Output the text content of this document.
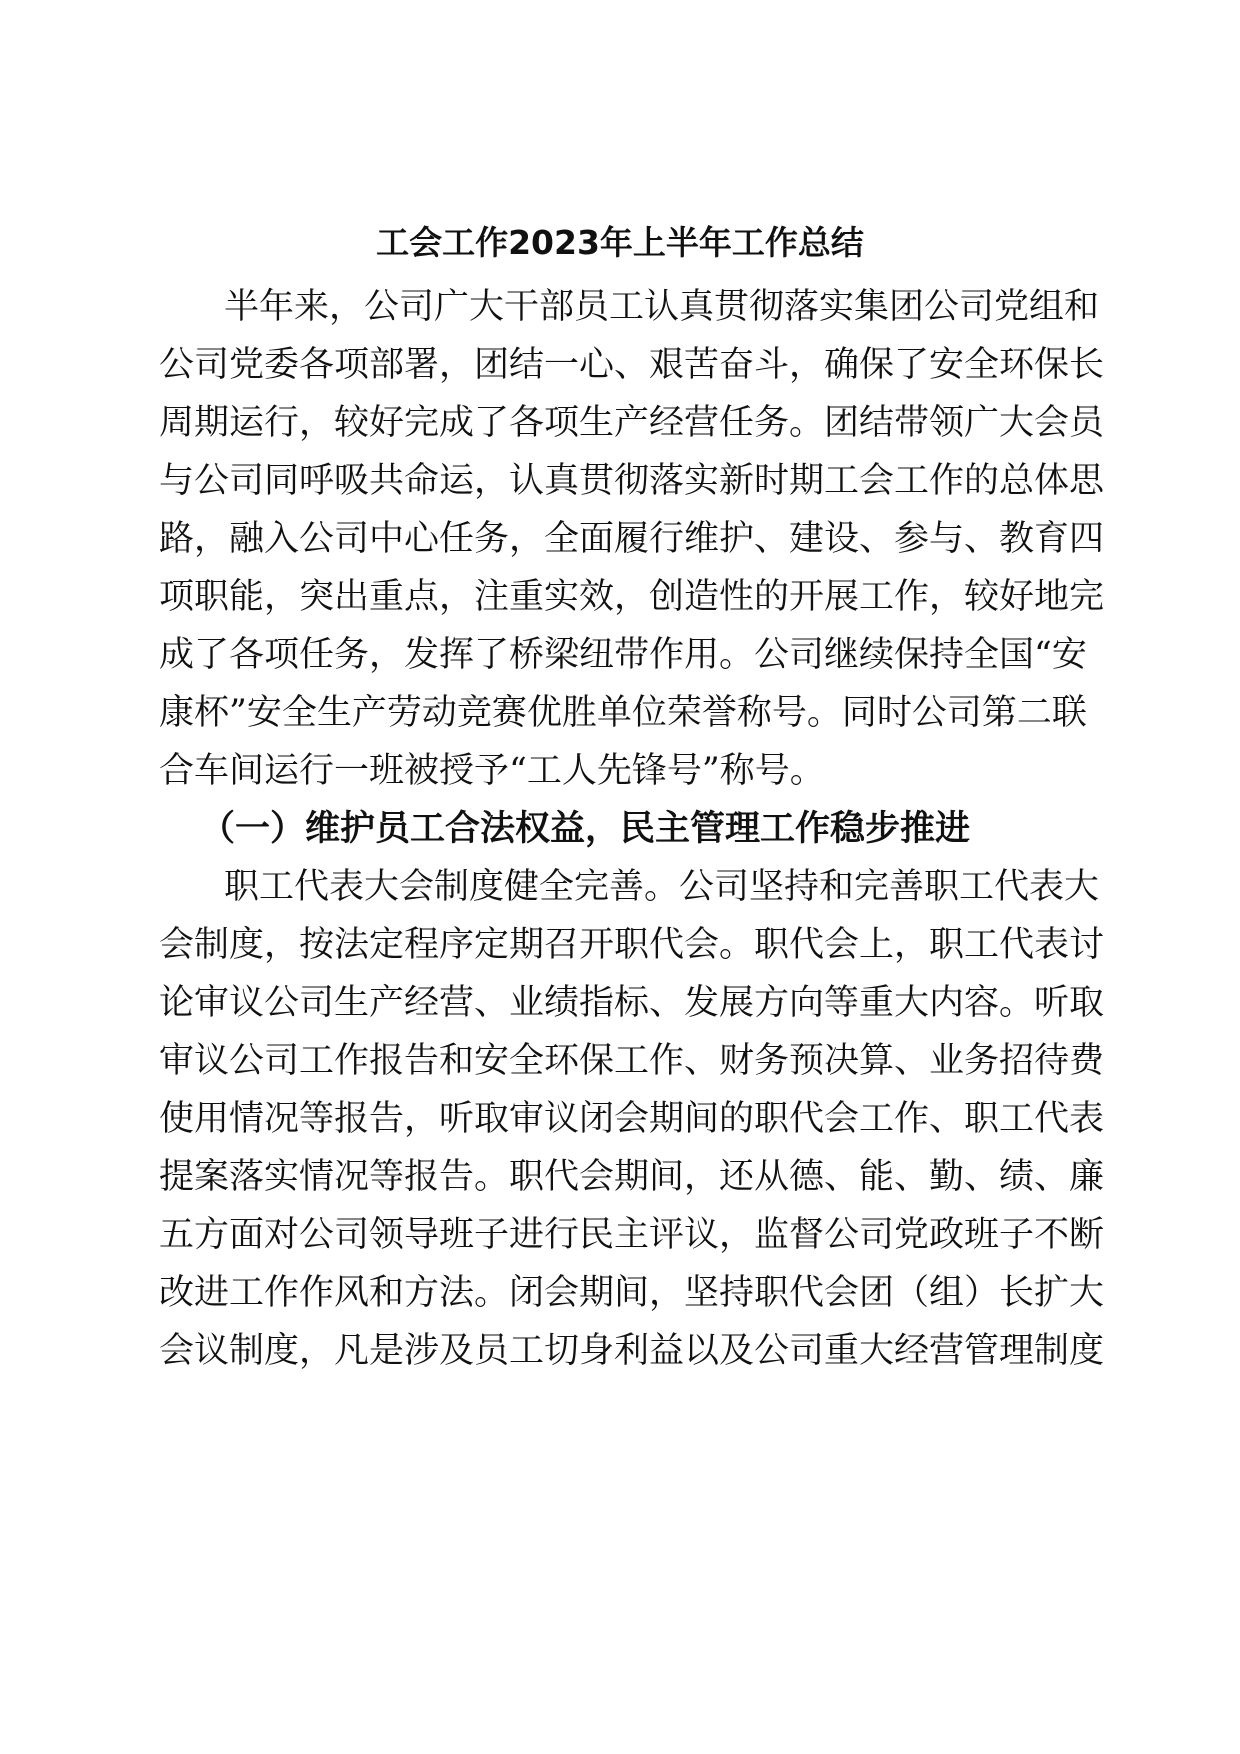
工会工作2023年上半年工作总结
半年来，公司广大干部员工认真贯彻落实集团公司党组和
公司党委各项部署，团结一心、艰苦奋斗，确保了安全环保长
周期运行，较好完成了各项生产经营任务。团结带领广大会员
与公司同呼吸共命运，认真贯彻落实新时期工会工作的总体思
路，融入公司中心任务，全面履行维护、建设、参与、教育四
项职能，突出重点，注重实效，创造性的开展工作，较好地完
成了各项任务，发挥了桥梁纽带作用。公司继续保持全国“安
康杯”安全生产劳动竞赛优胜单位荣誉称号。同时公司第二联
合车间运行一班被授予“工人先锋号”称号。
（一）维护员工合法权益，民主管理工作稳步推进
职工代表大会制度健全完善。公司坚持和完善职工代表大
会制度，按法定程序定期召开职代会。职代会上，职工代表讨
论审议公司生产经营、业绩指标、发展方向等重大内容。听取
审议公司工作报告和安全环保工作、财务预决算、业务招待费
使用情况等报告，听取审议闭会期间的职代会工作、职工代表
提案落实情况等报告。职代会期间，还从德、能、勤、绩、廉
五方面对公司领导班子进行民主评议，监督公司党政班子不断
改进工作作风和方法。闭会期间，坚持职代会团（组）长扩大
会议制度，凡是涉及员工切身利益以及公司重大经营管理制度
